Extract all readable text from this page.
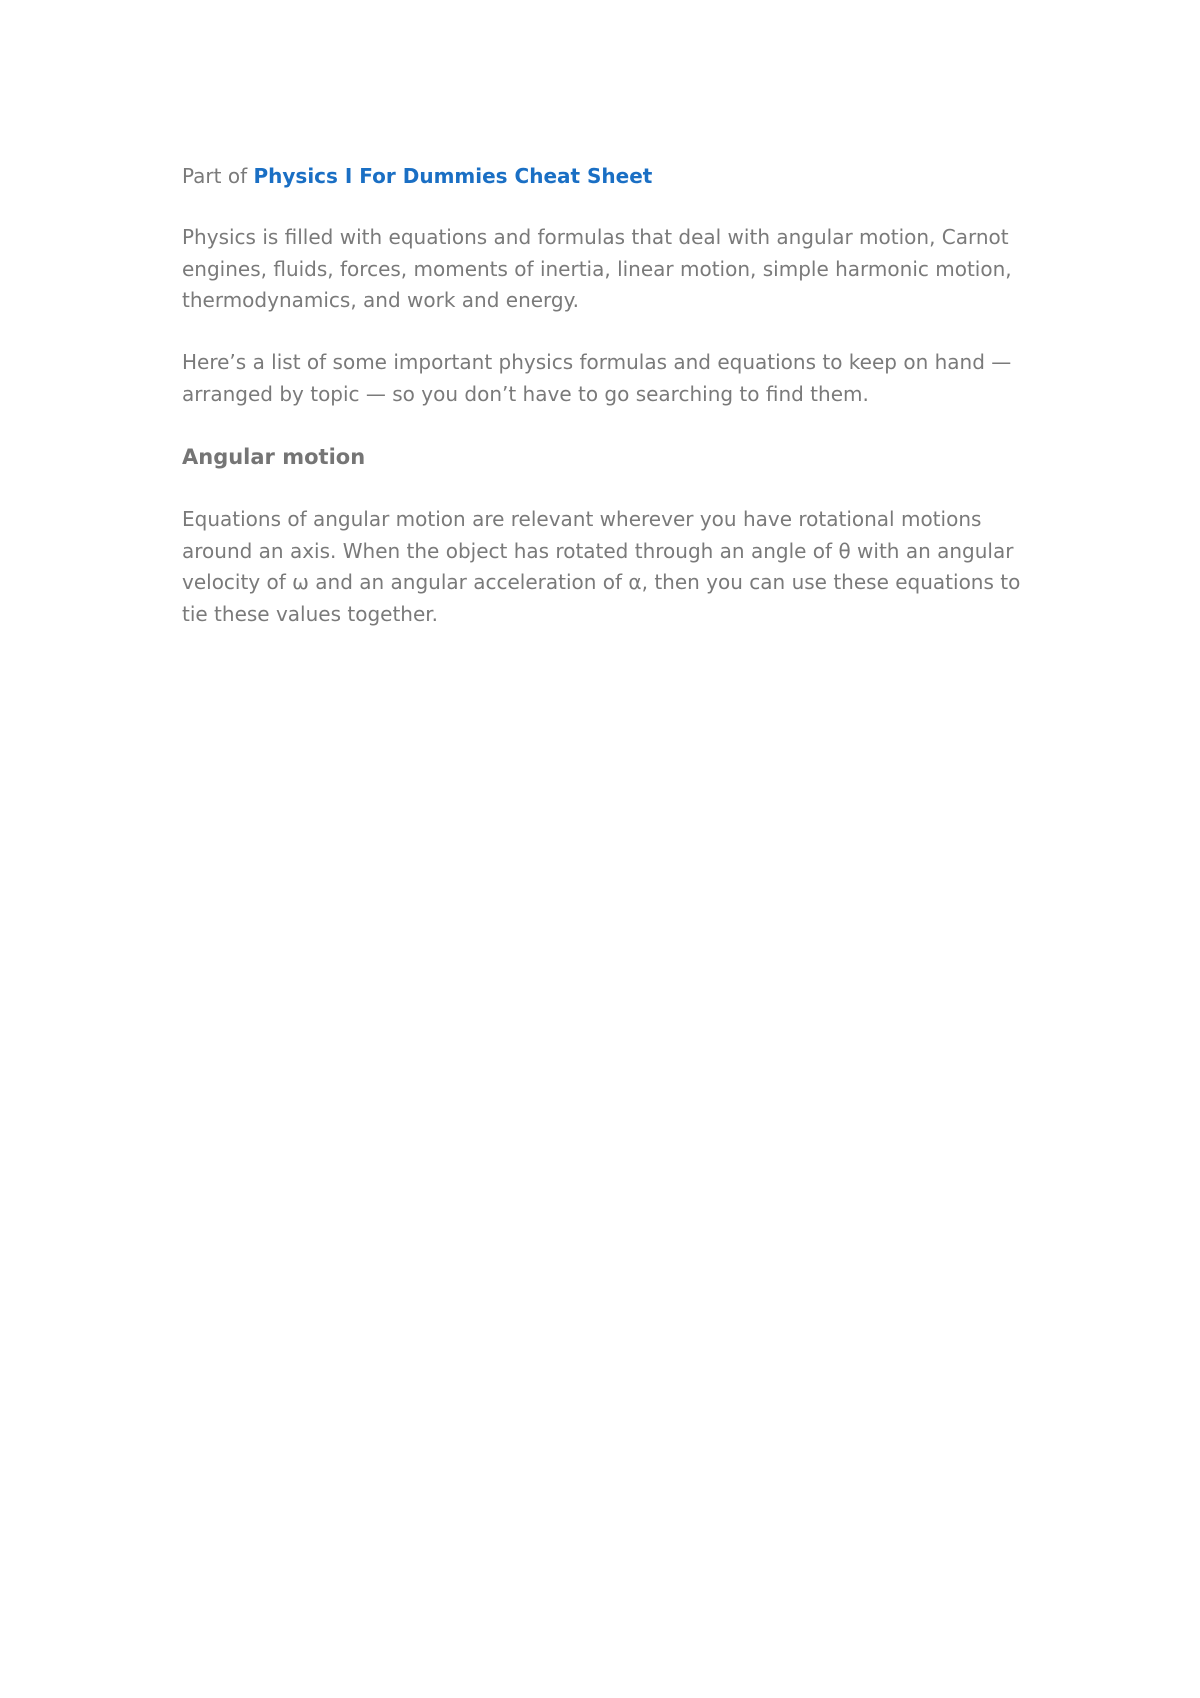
Part of Physics I For Dummies Cheat Sheet

Physics is filled with equations and formulas that deal with angular motion, Carnot engines, fluids, forces, moments of inertia, linear motion, simple harmonic motion, thermodynamics, and work and energy.

Here’s a list of some important physics formulas and equations to keep on hand — arranged by topic — so you don’t have to go searching to find them.

Angular motion

Equations of angular motion are relevant wherever you have rotational motions around an axis. When the object has rotated through an angle of θ with an angular velocity of ω and an angular acceleration of α, then you can use these equations to tie these values together.
